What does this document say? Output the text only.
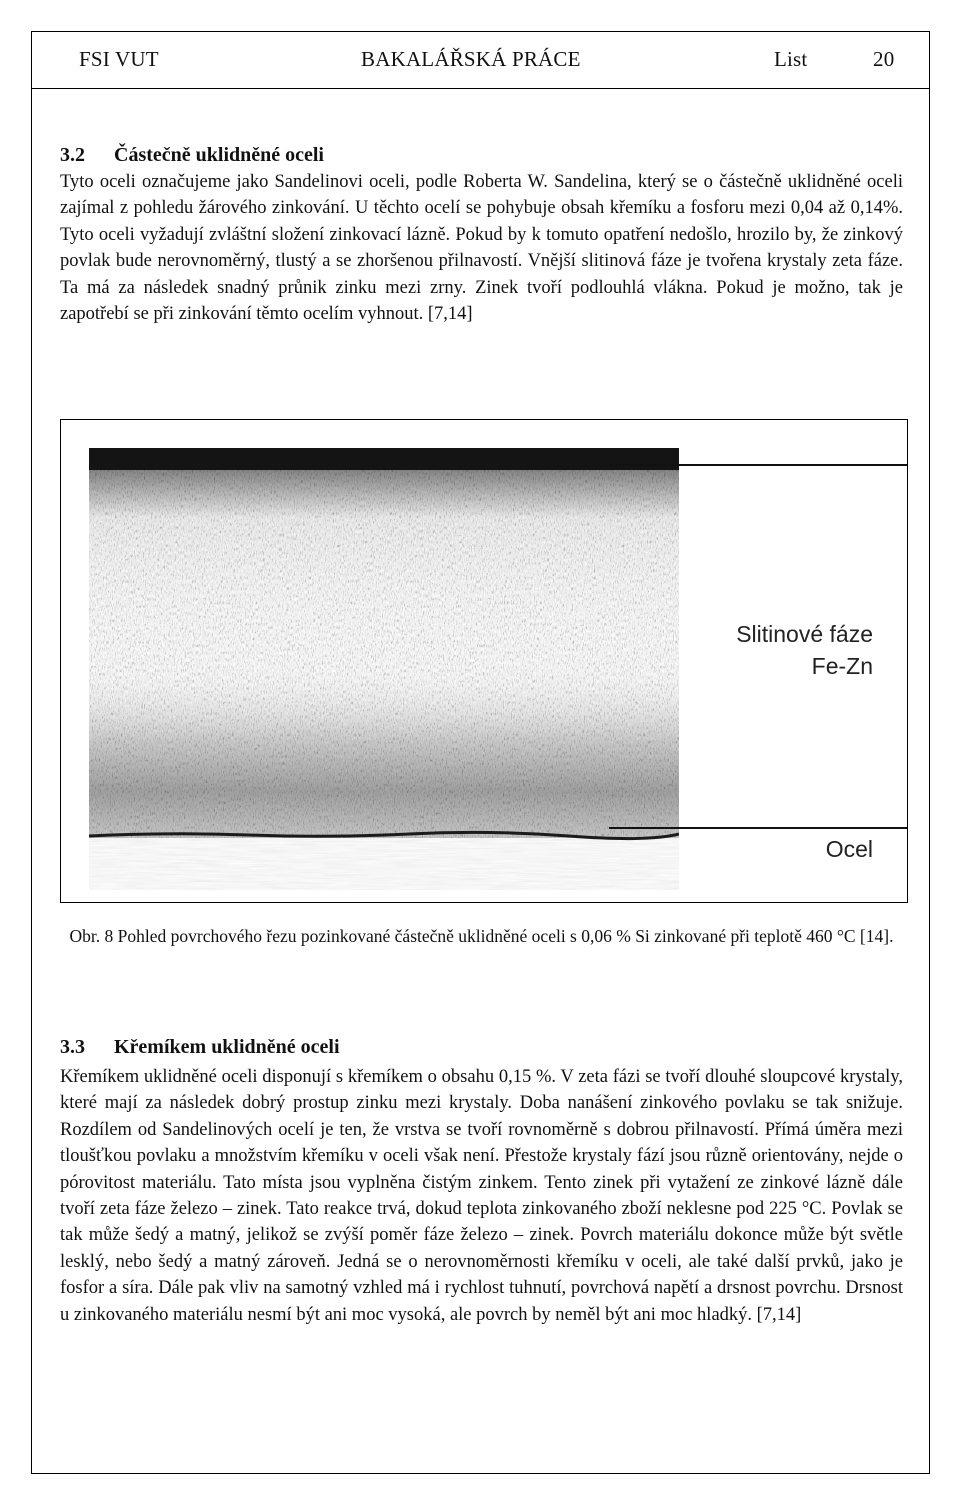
FSI VUT	BAKALÁŘSKÁ PRÁCE	List	20
3.2 Částečně uklidněné oceli

Tyto oceli označujeme jako Sandelinovi oceli, podle Roberta W. Sandelina, který se o částečně uklidněné oceli zajímal z pohledu žárového zinkování. U těchto ocelí se pohybuje obsah křemíku a fosforu mezi 0,04 až 0,14%. Tyto oceli vyžadují zvláštní složení zinkovací lázně. Pokud by k tomuto opatření nedošlo, hrozilo by, že zinkový povlak bude nerovnoměrný, tlustý a se zhoršenou přilnavostí. Vnější slitinová fáze je tvořena krystaly zeta fáze. Ta má za následek snadný průnik zinku mezi zrny. Zinek tvoří podlouhlá vlákna. Pokud je možno, tak je zapotřebí se při zinkování těmto ocelím vyhnout. [7,14]

Slitinové fáze
Fe-Zn
Ocel

Obr. 8 Pohled povrchového řezu pozinkované částečně uklidněné oceli s 0,06 % Si zinkované při teplotě 460 °C [14].

3.3 Křemíkem uklidněné oceli

Křemíkem uklidněné oceli disponují s křemíkem o obsahu 0,15 %. V zeta fázi se tvoří dlouhé sloupcové krystaly, které mají za následek dobrý prostup zinku mezi krystaly. Doba nanášení zinkového povlaku se tak snižuje. Rozdílem od Sandelinových ocelí je ten, že vrstva se tvoří rovnoměrně s dobrou přilnavostí. Přímá úměra mezi tloušťkou povlaku a množstvím křemíku v oceli však není. Přestože krystaly fází jsou různě orientovány, nejde o pórovitost materiálu. Tato místa jsou vyplněna čistým zinkem. Tento zinek při vytažení ze zinkové lázně dále tvoří zeta fáze železo – zinek. Tato reakce trvá, dokud teplota zinkovaného zboží neklesne pod 225 °C. Povlak se tak může šedý a matný, jelikož se zvýší poměr fáze železo – zinek. Povrch materiálu dokonce může být světle lesklý, nebo šedý a matný zároveň. Jedná se o nerovnoměrnosti křemíku v oceli, ale také další prvků, jako je fosfor a síra. Dále pak vliv na samotný vzhled má i rychlost tuhnutí, povrchová napětí a drsnost povrchu. Drsnost u zinkovaného materiálu nesmí být ani moc vysoká, ale povrch by neměl být ani moc hladký. [7,14]
